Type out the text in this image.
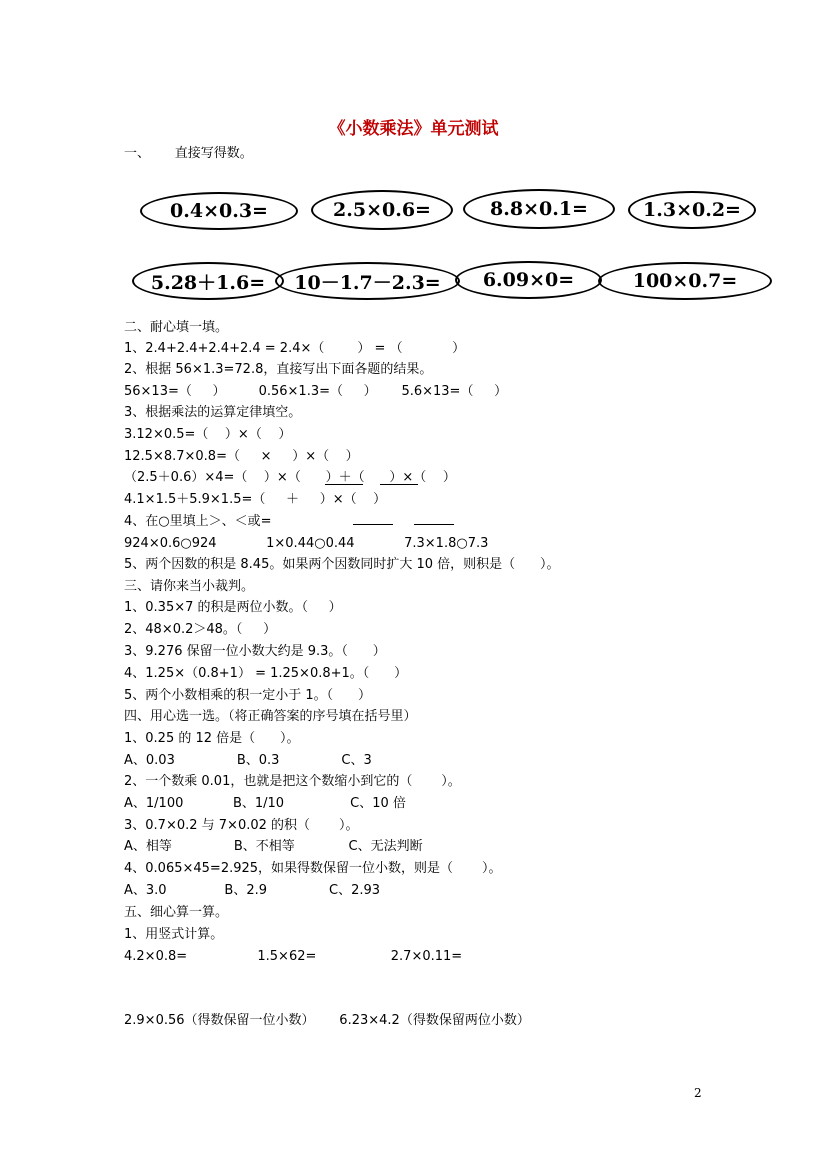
《小数乘法》单元测试
一、      直接写得数。
0.4×0.3=	2.5×0.6=	8.8×0.1=	1.3×0.2=
5.28＋1.6= 10－1.7－2.3= 6.09×0=	100×0.7=
二、耐心填一填。
1、2.4+2.4+2.4+2.4 = 2.4×（        ） = （            ）
2、根据 56×1.3=72.8，直接写出下面各题的结果。
56×13=（     ）        0.56×1.3=（     ）      5.6×13=（     ）
3、根据乘法的运算定律填空。
3.12×0.5=（    ）×（    ）
12.5×8.7×0.8=（     ×     ）×（    ）
（2.5＋0.6）×4=（    ）×（      ）＋（      ）×（    ）
4.1×1.5＋5.9×1.5=（     ＋     ）×（    ）
4、在○里填上＞、＜或=
924×0.6○924            1×0.44○0.44            7.3×1.8○7.3
5、两个因数的积是 8.45。如果两个因数同时扩大 10 倍，则积是（      ）。
三、请你来当小裁判。
1、0.35×7 的积是两位小数。（     ）
2、48×0.2＞48。（     ）
3、9.276 保留一位小数大约是 9.3。（      ）
4、1.25×（0.8+1） = 1.25×0.8+1。（      ）
5、两个小数相乘的积一定小于 1。（      ）
四、用心选一选。（将正确答案的序号填在括号里）
1、0.25 的 12 倍是（      ）。
A、0.03               B、0.3               C、3
2、一个数乘 0.01，也就是把这个数缩小到它的（       ）。
A、1/100            B、1/10                C、10 倍
3、0.7×0.2 与 7×0.02 的积（       ）。
A、相等               B、不相等             C、无法判断
4、0.065×45=2.925，如果得数保留一位小数，则是（       ）。
A、3.0              B、2.9               C、2.93
五、细心算一算。
1、用竖式计算。
4.2×0.8=                 1.5×62=                  2.7×0.11=
2.9×0.56（得数保留一位小数）      6.23×4.2（得数保留两位小数）
2
